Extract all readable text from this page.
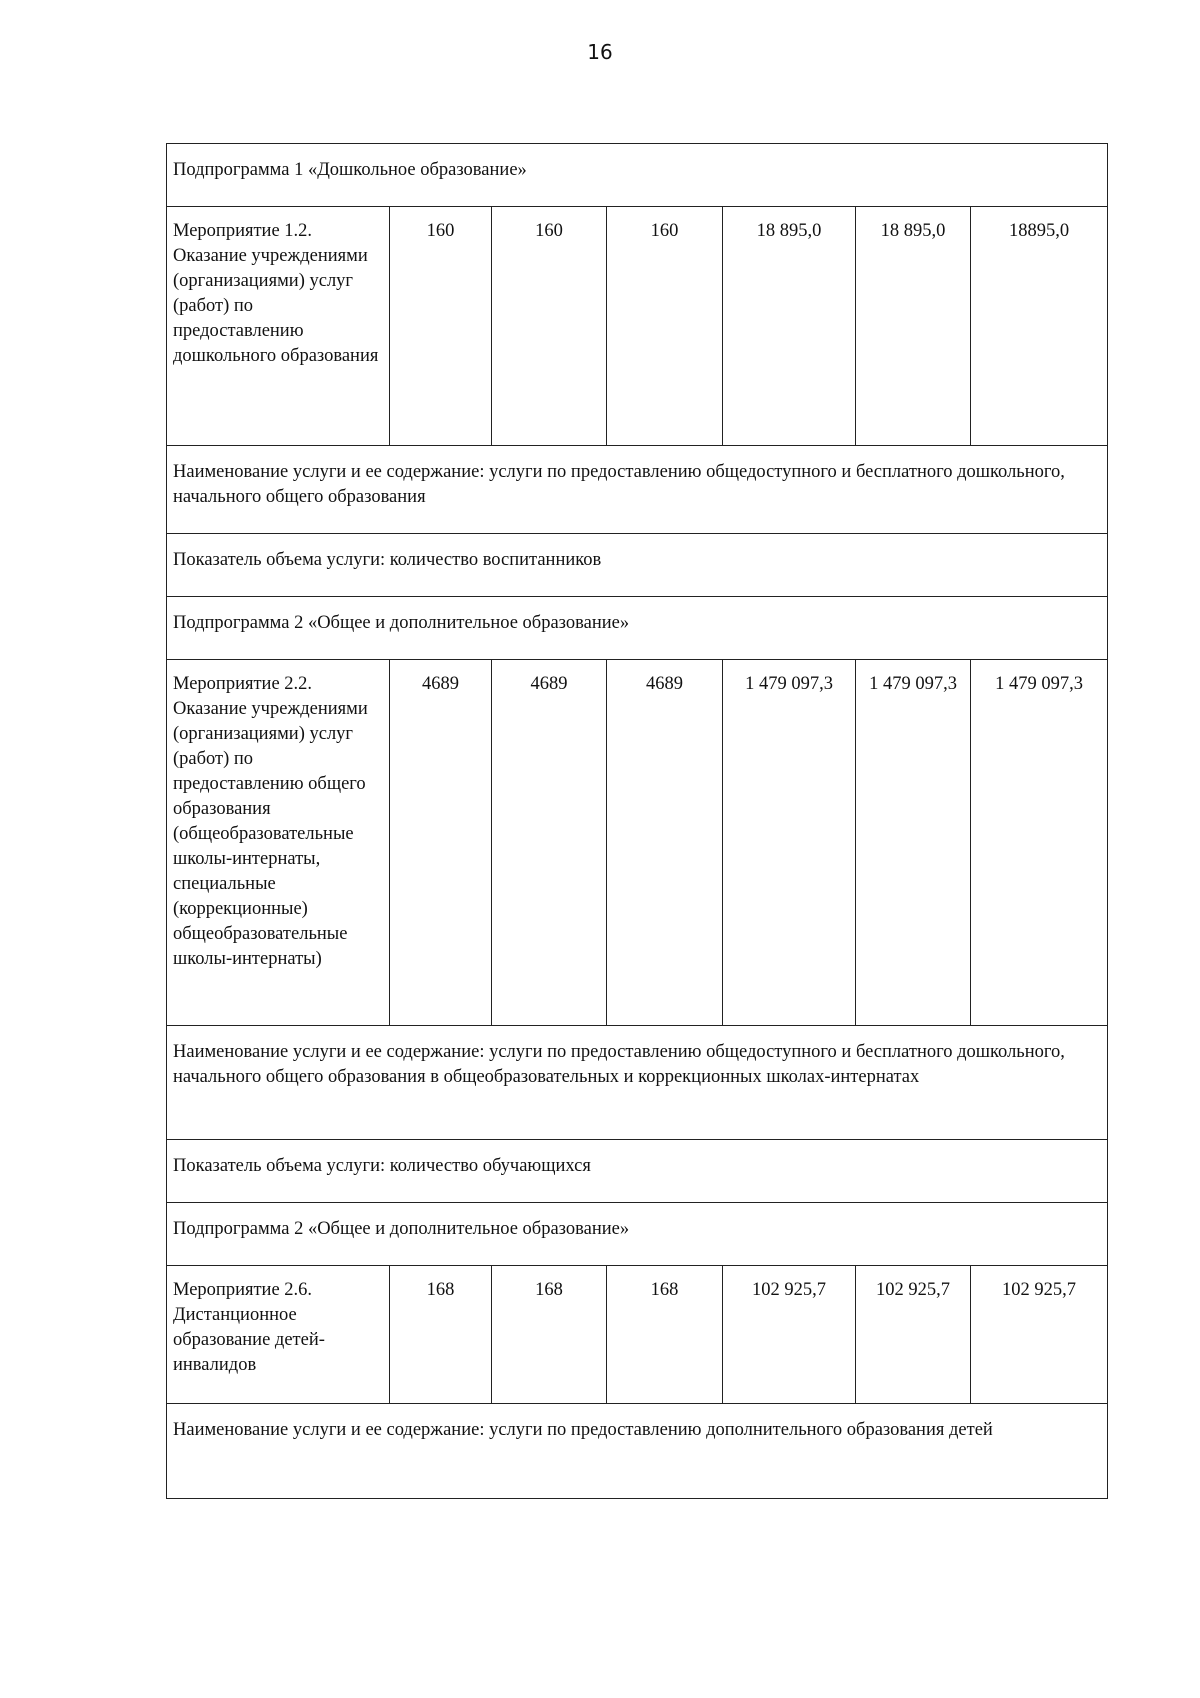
16
Подпрограмма 1 «Дошкольное образование»						
Мероприятие 1.2. Оказание учреждениями (организациями) услуг (работ) по предоставлению дошкольного образования	160	160	160	18 895,0	18 895,0	18895,0
Наименование услуги и ее содержание: услуги по предоставлению общедоступного и бесплатного дошкольного, начального общего образования						
Показатель объема услуги: количество воспитанников						
Подпрограмма 2 «Общее и дополнительное образование»						
Мероприятие 2.2. Оказание учреждениями (организациями) услуг (работ) по предоставлению общего образования (общеобразовательные школы-интернаты, специальные (коррекционные) общеобразовательные школы-интернаты)	4689	4689	4689	1 479 097,3	1 479 097,3	1 479 097,3
Наименование услуги и ее содержание: услуги по предоставлению общедоступного и бесплатного дошкольного, начального общего образования в общеобразовательных и коррекционных школах-интернатах						
Показатель объема услуги: количество обучающихся						
Подпрограмма 2 «Общее и дополнительное образование»						
Мероприятие 2.6. Дистанционное образование детей-инвалидов	168	168	168	102 925,7	102 925,7	102 925,7
Наименование услуги и ее содержание: услуги по предоставлению дополнительного образования детей						
